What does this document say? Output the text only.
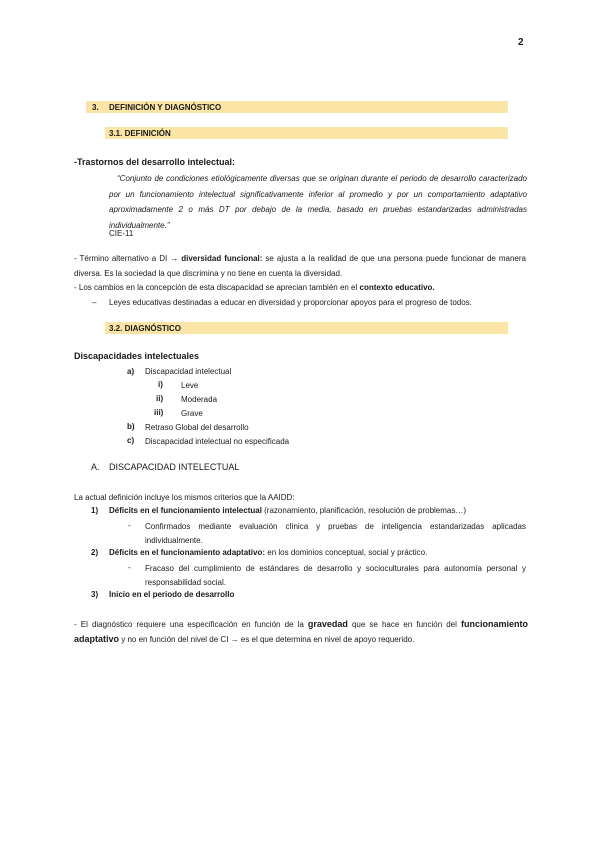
2
3. DEFINICIÓN Y DIAGNÓSTICO
3.1. DEFINICIÓN
-Trastornos del desarrollo intelectual:
“Conjunto de condiciones etiológicamente diversas que se originan durante el periodo de desarrollo caracterizado por un funcionamiento intelectual significativamente inferior al promedio y por un comportamiento adaptativo aproximadamente 2 o más DT por debajo de la media, basado en pruebas estandarizadas administradas individualmente.”
CIE-11
- Término alternativo a DI → diversidad funcional: se ajusta a la realidad de que una persona puede funcionar de manera diversa. Es la sociedad la que discrimina y no tiene en cuenta la diversidad.
- Los cambios en la concepción de esta discapacidad se aprecian también en el contexto educativo.
– Leyes educativas destinadas a educar en diversidad y proporcionar apoyos para el progreso de todos.
3.2. DIAGNÓSTICO
Discapacidades intelectuales
a) Discapacidad intelectual
i) Leve
ii) Moderada
iii) Grave
b) Retraso Global del desarrollo
c) Discapacidad intelectual no especificada
A. DISCAPACIDAD INTELECTUAL
La actual definición incluye los mismos criterios que la AAIDD:
1) Déficits en el funcionamiento intelectual (razonamiento, planificación, resolución de problemas…)
- Confirmados mediante evaluación clínica y pruebas de inteligencia estandarizadas aplicadas individualmente.
2) Déficits en el funcionamiento adaptativo: en los dominios conceptual, social y práctico.
- Fracaso del cumplimiento de estándares de desarrollo y socioculturales para autonomía personal y responsabilidad social.
3) Inicio en el periodo de desarrollo
- El diagnóstico requiere una especificación en función de la gravedad que se hace en función del funcionamiento adaptativo y no en función del nivel de CI → es el que determina en nivel de apoyo requerido.
